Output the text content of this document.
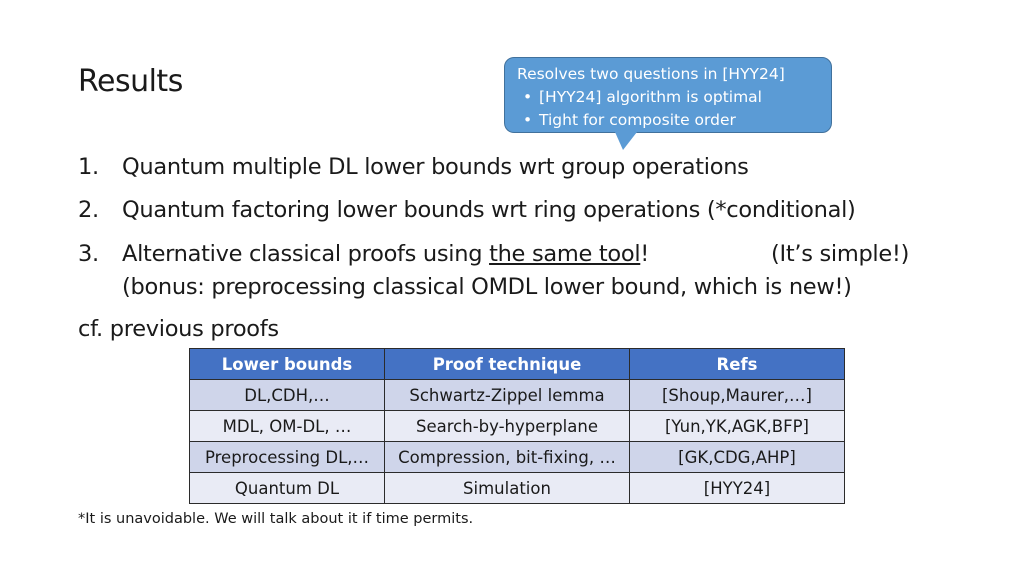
Results	Resolves two questions in [HYY24]
• [HYY24] algorithm is optimal
• Tight for composite order
1. Quantum multiple DL lower bounds wrt group operations
2. Quantum factoring lower bounds wrt ring operations (*conditional)
3. Alternative classical proofs using the same tool!	(It’s simple!)
(bonus: preprocessing classical OMDL lower bound, which is new!)
cf. previous proofs
Lower bounds	Proof technique	Refs
DL,CDH,…	Schwartz-Zippel lemma	[Shoup,Maurer,…]
MDL, OM-DL, …	Search-by-hyperplane	[Yun,YK,AGK,BFP]
Preprocessing DL,…	Compression, bit-fixing, …	[GK,CDG,AHP]
Quantum DL	Simulation	[HYY24]
*It is unavoidable. We will talk about it if time permits.
